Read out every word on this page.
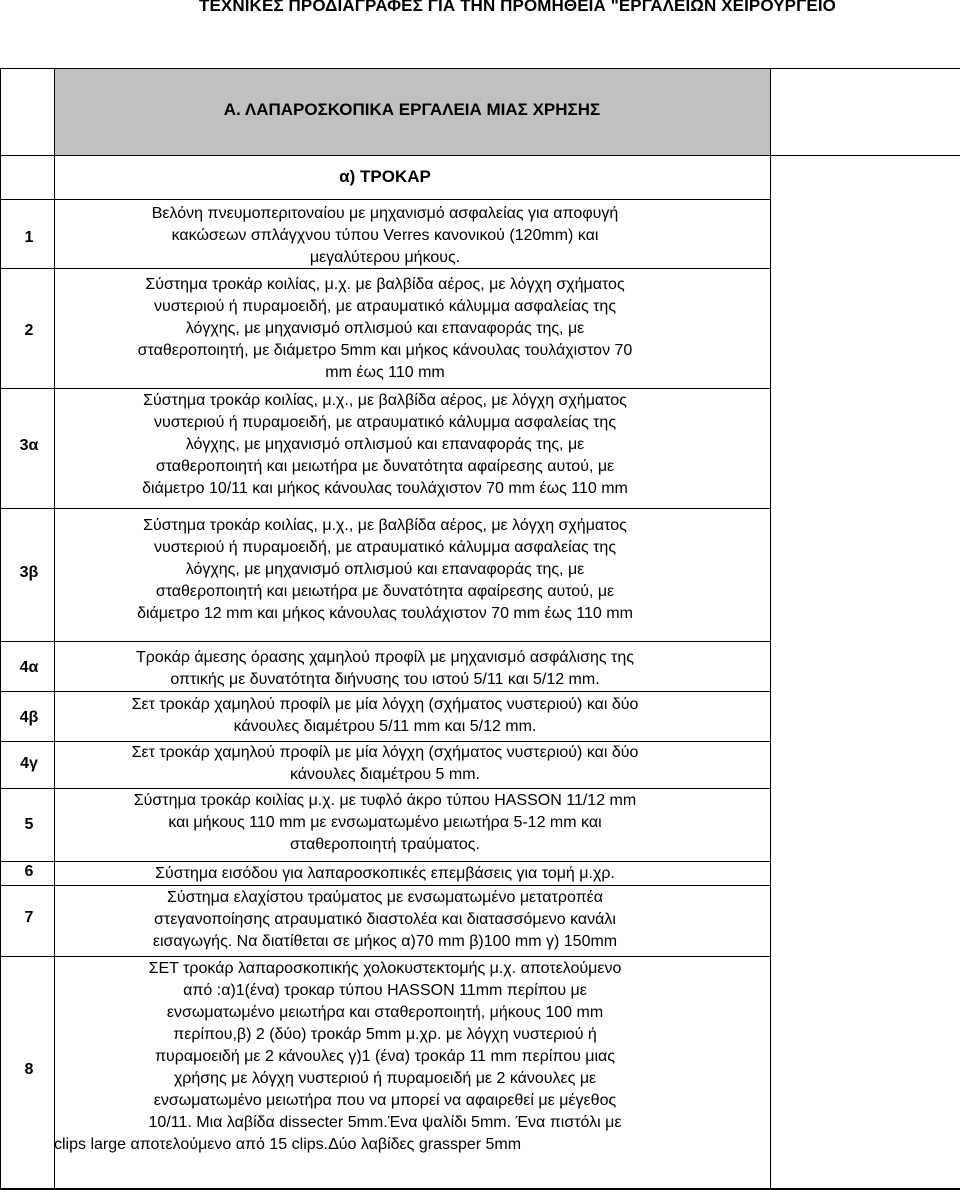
ΤΕΧΝΙΚΕΣ ΠΡΟΔΙΑΓΡΑΦΕΣ ΓΙΑ ΤΗΝ ΠΡΟΜΗΘΕΙΑ "ΕΡΓΑΛΕΙΩΝ ΧΕΙΡΟΥΡΓΕΙΟ
Α. ΛΑΠΑΡΟΣΚΟΠΙΚΑ ΕΡΓΑΛΕΙΑ ΜΙΑΣ ΧΡΗΣΗΣ
α) ΤΡΟΚΑΡ
1
Βελόνη πνευμοπεριτοναίου με μηχανισμό ασφαλείας για αποφυγή
κακώσεων σπλάγχνου τύπου Verres κανονικού (120mm) και
μεγαλύτερου μήκους.
2
Σύστημα τροκάρ κοιλίας, μ.χ. με βαλβίδα αέρος, με λόγχη σχήματος
νυστεριού ή πυραμοειδή, με ατραυματικό κάλυμμα ασφαλείας της
λόγχης, με μηχανισμό οπλισμού και επαναφοράς της, με
σταθεροποιητή, με διάμετρο 5mm και μήκος κάνουλας τουλάχιστον 70
mm έως 110 mm
3α
Σύστημα τροκάρ κοιλίας, μ.χ., με βαλβίδα αέρος, με λόγχη σχήματος
νυστεριού ή πυραμοειδή, με ατραυματικό κάλυμμα ασφαλείας της
λόγχης, με μηχανισμό οπλισμού και επαναφοράς της, με
σταθεροποιητή και μειωτήρα με δυνατότητα αφαίρεσης αυτού, με
διάμετρο 10/11 και μήκος κάνουλας τουλάχιστον 70 mm έως 110 mm
3β
Σύστημα τροκάρ κοιλίας, μ.χ., με βαλβίδα αέρος, με λόγχη σχήματος
νυστεριού ή πυραμοειδή, με ατραυματικό κάλυμμα ασφαλείας της
λόγχης, με μηχανισμό οπλισμού και επαναφοράς της, με
σταθεροποιητή και μειωτήρα με δυνατότητα αφαίρεσης αυτού, με
διάμετρο 12 mm και μήκος κάνουλας τουλάχιστον 70 mm έως 110 mm
4α
Τροκάρ άμεσης όρασης χαμηλού προφίλ με μηχανισμό ασφάλισης της
οπτικής με δυνατότητα διήνυσης του ιστού 5/11 και 5/12 mm.
4β
Σετ τροκάρ χαμηλού προφίλ με μία λόγχη (σχήματος νυστεριού) και δύο
κάνουλες διαμέτρου 5/11 mm και 5/12 mm.
4γ
Σετ τροκάρ χαμηλού προφίλ με μία λόγχη (σχήματος νυστεριού) και δύο
κάνουλες διαμέτρου 5 mm.
5
Σύστημα τροκάρ κοιλίας μ.χ. με τυφλό άκρο τύπου HASSON 11/12 mm
και μήκους 110 mm με ενσωματωμένο μειωτήρα 5-12 mm και
σταθεροποιητή τραύματος.
6	Σύστημα εισόδου για λαπαροσκοπικές επεμβάσεις για τομή μ.χρ.
7
Σύστημα ελαχίστου τραύματος με ενσωματωμένο μετατροπέα
στεγανοποίησης ατραυματικό διαστολέα και διατασσόμενο κανάλι
εισαγωγής. Να διατίθεται σε μήκος α)70 mm β)100 mm γ) 150mm
8
ΣΕΤ τροκάρ λαπαροσκοπικής χολοκυστεκτομής μ.χ. αποτελούμενο
από :α)1(ένα) τροκαρ τύπου HASSON 11mm περίπου με
ενσωματωμένο μειωτήρα και σταθεροποιητή, μήκους 100 mm
περίπου,β) 2 (δύο) τροκάρ 5mm μ.χρ. με λόγχη νυστεριού ή
πυραμοειδή με 2 κάνουλες γ)1 (ένα) τροκάρ 11 mm περίπου μιας
χρήσης με λόγχη νυστεριού ή πυραμοειδή με 2 κάνουλες με
ενσωματωμένο μειωτήρα που να μπορεί να αφαιρεθεί με μέγεθος
10/11. Μια λαβίδα dissecter 5mm.Ένα ψαλίδι 5mm. Ένα πιστόλι με
clips large αποτελούμενο από 15 clips.Δύο λαβίδες grassper 5mm
